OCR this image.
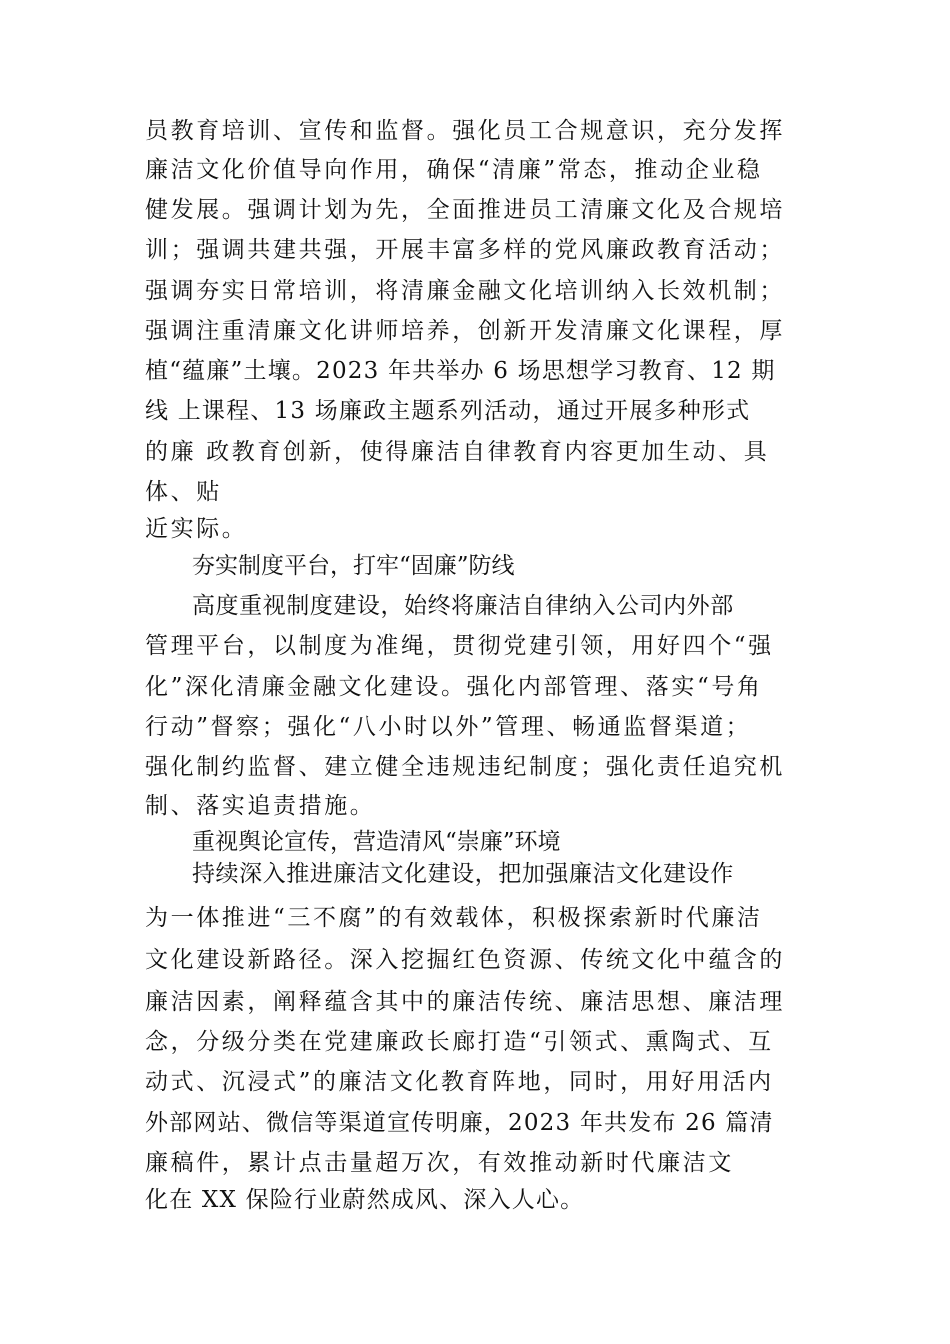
员教育培训、宣传和监督。强化员工合规意识，充分发挥
廉洁文化价值导向作用，确保“清廉”常态，推动企业稳
健发展。强调计划为先，全面推进员工清廉文化及合规培
训；强调共建共强，开展丰富多样的党风廉政教育活动；
强调夯实日常培训，将清廉金融文化培训纳入长效机制；
强调注重清廉文化讲师培养，创新开发清廉文化课程，厚
植“蕴廉”土壤。2023 年共举办 6 场思想学习教育、12 期
线 上课程、13 场廉政主题系列活动，通过开展多种形式
的廉 政教育创新，使得廉洁自律教育内容更加生动、具
体、贴
近实际。
夯实制度平台，打牢“固廉”防线
高度重视制度建设，始终将廉洁自律纳入公司内外部
管理平台，以制度为准绳，贯彻党建引领，用好四个“强
化”深化清廉金融文化建设。强化内部管理、落实“号角
行动”督察；强化“八小时以外”管理、畅通监督渠道；
强化制约监督、建立健全违规违纪制度；强化责任追究机
制、落实追责措施。
重视舆论宣传，营造清风“崇廉”环境
持续深入推进廉洁文化建设，把加强廉洁文化建设作
为一体推进“三不腐”的有效载体，积极探索新时代廉洁
文化建设新路径。深入挖掘红色资源、传统文化中蕴含的
廉洁因素，阐释蕴含其中的廉洁传统、廉洁思想、廉洁理
念，分级分类在党建廉政长廊打造“引领式、熏陶式、互
动式、沉浸式”的廉洁文化教育阵地，同时，用好用活内
外部网站、微信等渠道宣传明廉，2023 年共发布 26 篇清
廉稿件，累计点击量超万次，有效推动新时代廉洁文
化在 XX 保险行业蔚然成风、深入人心。
